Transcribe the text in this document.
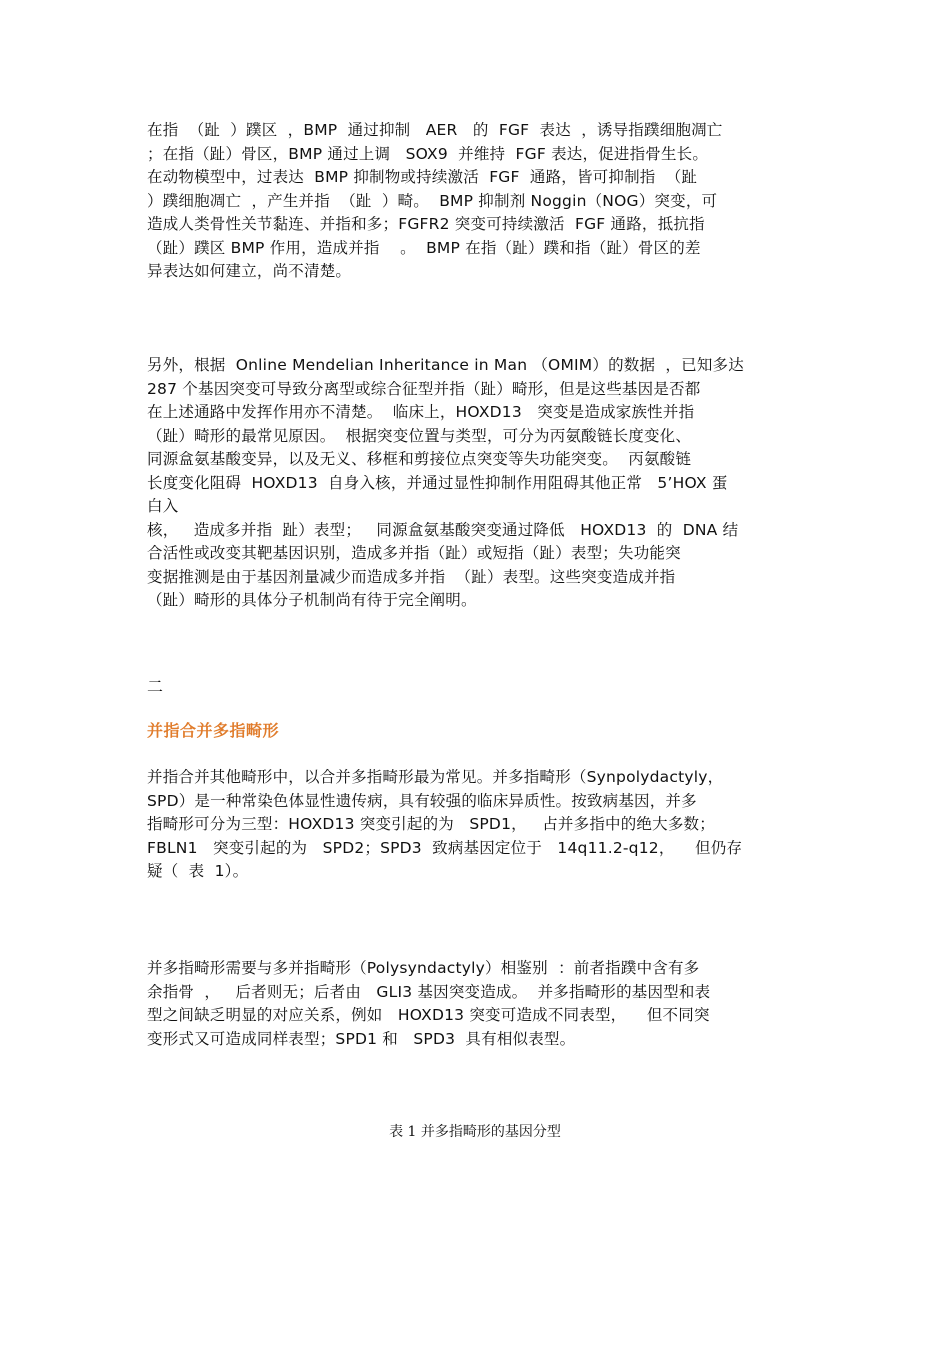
在指  （趾  ）蹼区  ，BMP  通过抑制   AER   的  FGF  表达  ，诱导指蹼细胞凋亡
；在指（趾）骨区，BMP 通过上调   SOX9  并维持  FGF 表达，促进指骨生长。
在动物模型中，过表达  BMP 抑制物或持续激活  FGF  通路，皆可抑制指  （趾
）蹼细胞凋亡  ，产生并指  （趾  ）畸。  BMP 抑制剂 Noggin（NOG）突变，可
造成人类骨性关节黏连、并指和多；FGFR2 突变可持续激活  FGF 通路，抵抗指
（趾）蹼区 BMP 作用，造成并指    。  BMP 在指（趾）蹼和指（趾）骨区的差
异表达如何建立，尚不清楚。
另外，根据  Online Mendelian Inheritance in Man （OMIM）的数据  ，已知多达
287 个基因突变可导致分离型或综合征型并指（趾）畸形，但是这些基因是否都
在上述通路中发挥作用亦不清楚。  临床上，HOXD13   突变是造成家族性并指
（趾）畸形的最常见原因。  根据突变位置与类型，可分为丙氨酸链长度变化、
同源盒氨基酸变异，以及无义、移框和剪接位点突变等失功能突变。  丙氨酸链
长度变化阻碍  HOXD13  自身入核，并通过显性抑制作用阻碍其他正常   5’HOX 蛋
白入
核，   造成多并指  趾）表型；   同源盒氨基酸突变通过降低   HOXD13  的  DNA 结
合活性或改变其靶基因识别，造成多并指（趾）或短指（趾）表型；失功能突
变据推测是由于基因剂量减少而造成多并指  （趾）表型。这些突变造成并指
（趾）畸形的具体分子机制尚有待于完全阐明。
二
并指合并多指畸形
并指合并其他畸形中，以合并多指畸形最为常见。并多指畸形（Synpolydactyly，
SPD）是一种常染色体显性遗传病，具有较强的临床异质性。按致病基因，并多
指畸形可分为三型：HOXD13 突变引起的为   SPD1，   占并多指中的绝大多数；
FBLN1   突变引起的为   SPD2；SPD3  致病基因定位于   14q11.2-q12，    但仍存
疑（  表  1）。
并多指畸形需要与多并指畸形（Polysyndactyly）相鉴别  ：前者指蹼中含有多
余指骨  ，   后者则无；后者由   GLI3 基因突变造成。  并多指畸形的基因型和表
型之间缺乏明显的对应关系，例如   HOXD13 突变可造成不同表型，    但不同突
变形式又可造成同样表型；SPD1 和   SPD3  具有相似表型。
表 1 并多指畸形的基因分型
